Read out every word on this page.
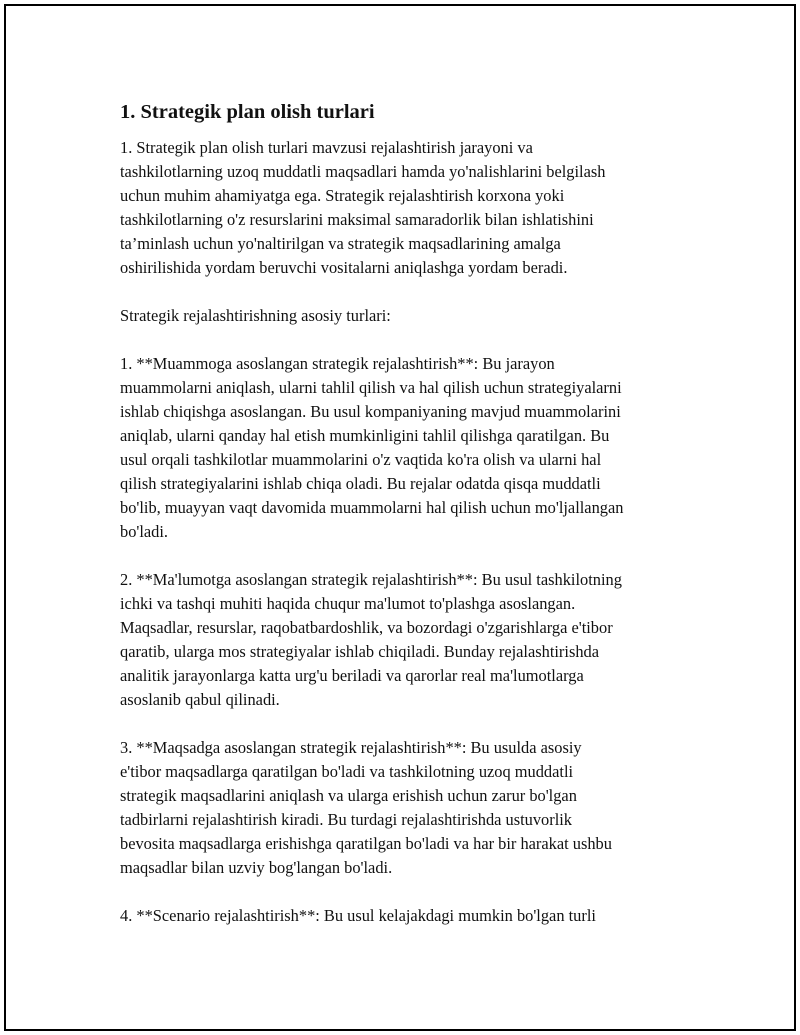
1. Strategik plan olish turlari

1. Strategik plan olish turlari mavzusi rejalashtirish jarayoni va
tashkilotlarning uzoq muddatli maqsadlari hamda yo'nalishlarini belgilash
uchun muhim ahamiyatga ega. Strategik rejalashtirish korxona yoki
tashkilotlarning o'z resurslarini maksimal samaradorlik bilan ishlatishini
ta’minlash uchun yo'naltirilgan va strategik maqsadlarining amalga
oshirilishida yordam beruvchi vositalarni aniqlashga yordam beradi.

Strategik rejalashtirishning asosiy turlari:

1. **Muammoga asoslangan strategik rejalashtirish**: Bu jarayon
muammolarni aniqlash, ularni tahlil qilish va hal qilish uchun strategiyalarni
ishlab chiqishga asoslangan. Bu usul kompaniyaning mavjud muammolarini
aniqlab, ularni qanday hal etish mumkinligini tahlil qilishga qaratilgan. Bu
usul orqali tashkilotlar muammolarini o'z vaqtida ko'ra olish va ularni hal
qilish strategiyalarini ishlab chiqa oladi. Bu rejalar odatda qisqa muddatli
bo'lib, muayyan vaqt davomida muammolarni hal qilish uchun mo'ljallangan
bo'ladi.

2. **Ma'lumotga asoslangan strategik rejalashtirish**: Bu usul tashkilotning
ichki va tashqi muhiti haqida chuqur ma'lumot to'plashga asoslangan.
Maqsadlar, resurslar, raqobatbardoshlik, va bozordagi o'zgarishlarga e'tibor
qaratib, ularga mos strategiyalar ishlab chiqiladi. Bunday rejalashtirishda
analitik jarayonlarga katta urg'u beriladi va qarorlar real ma'lumotlarga
asoslanib qabul qilinadi.

3. **Maqsadga asoslangan strategik rejalashtirish**: Bu usulda asosiy
e'tibor maqsadlarga qaratilgan bo'ladi va tashkilotning uzoq muddatli
strategik maqsadlarini aniqlash va ularga erishish uchun zarur bo'lgan
tadbirlarni rejalashtirish kiradi. Bu turdagi rejalashtirishda ustuvorlik
bevosita maqsadlarga erishishga qaratilgan bo'ladi va har bir harakat ushbu
maqsadlar bilan uzviy bog'langan bo'ladi.

4. **Scenario rejalashtirish**: Bu usul kelajakdagi mumkin bo'lgan turli
